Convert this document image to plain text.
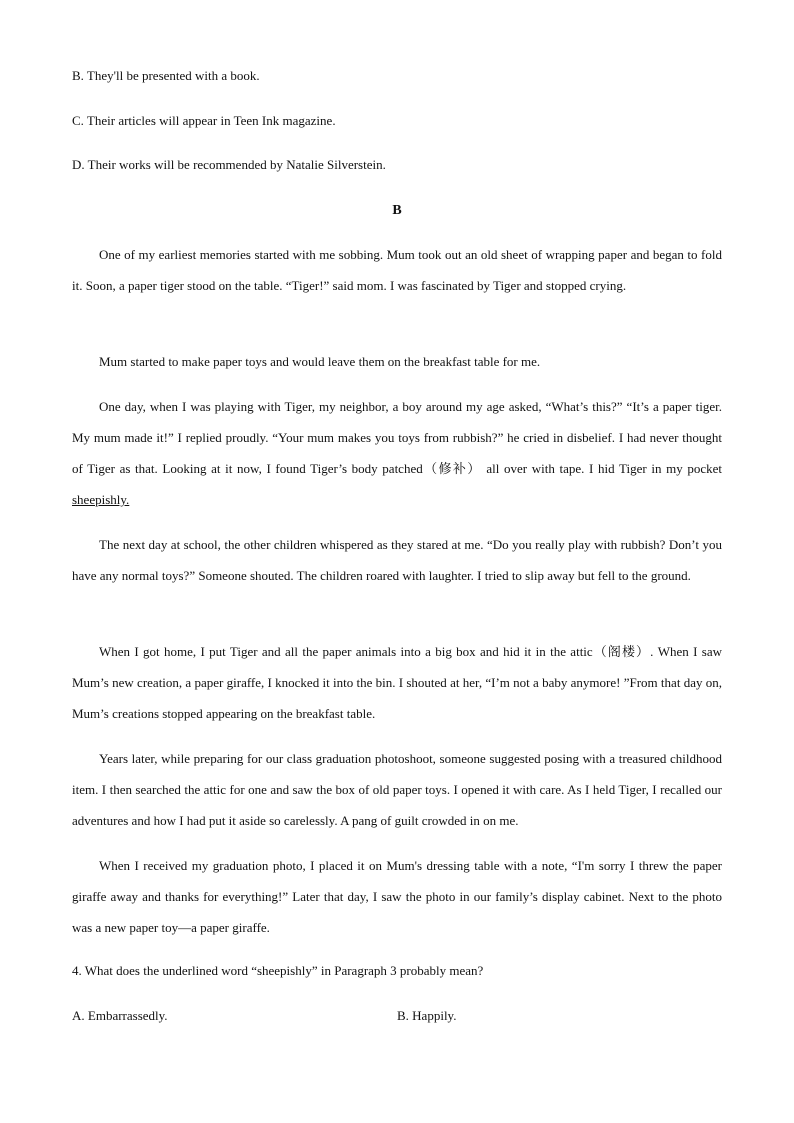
B. They'll be presented with a book.
C. Their articles will appear in Teen Ink magazine.
D. Their works will be recommended by Natalie Silverstein.
B

One of my earliest memories started with me sobbing. Mum took out an old sheet of wrapping paper and began to fold it. Soon, a paper tiger stood on the table. “Tiger!” said mom. I was fascinated by Tiger and stopped crying.

Mum started to make paper toys and would leave them on the breakfast table for me.

One day, when I was playing with Tiger, my neighbor, a boy around my age asked, “What’s this?” “It’s a paper tiger. My mum made it!” I replied proudly. “Your mum makes you toys from rubbish?” he cried in disbelief. I had never thought of Tiger as that. Looking at it now, I found Tiger’s body patched（修补） all over with tape. I hid Tiger in my pocket sheepishly.

The next day at school, the other children whispered as they stared at me. “Do you really play with rubbish? Don’t you have any normal toys?” Someone shouted. The children roared with laughter. I tried to slip away but fell to the ground.

When I got home, I put Tiger and all the paper animals into a big box and hid it in the attic（阁楼）. When I saw Mum’s new creation, a paper giraffe, I knocked it into the bin. I shouted at her, “I’m not a baby anymore! ”From that day on, Mum’s creations stopped appearing on the breakfast table.

Years later, while preparing for our class graduation photoshoot, someone suggested posing with a treasured childhood item. I then searched the attic for one and saw the box of old paper toys. I opened it with care. As I held Tiger, I recalled our adventures and how I had put it aside so carelessly. A pang of guilt crowded in on me.

When I received my graduation photo, I placed it on Mum's dressing table with a note, “I'm sorry I threw the paper giraffe away and thanks for everything!” Later that day, I saw the photo in our family’s display cabinet. Next to the photo was a new paper toy—a paper giraffe.

4. What does the underlined word “sheepishly” in Paragraph 3 probably mean?
A. Embarrassedly.	B. Happily.
